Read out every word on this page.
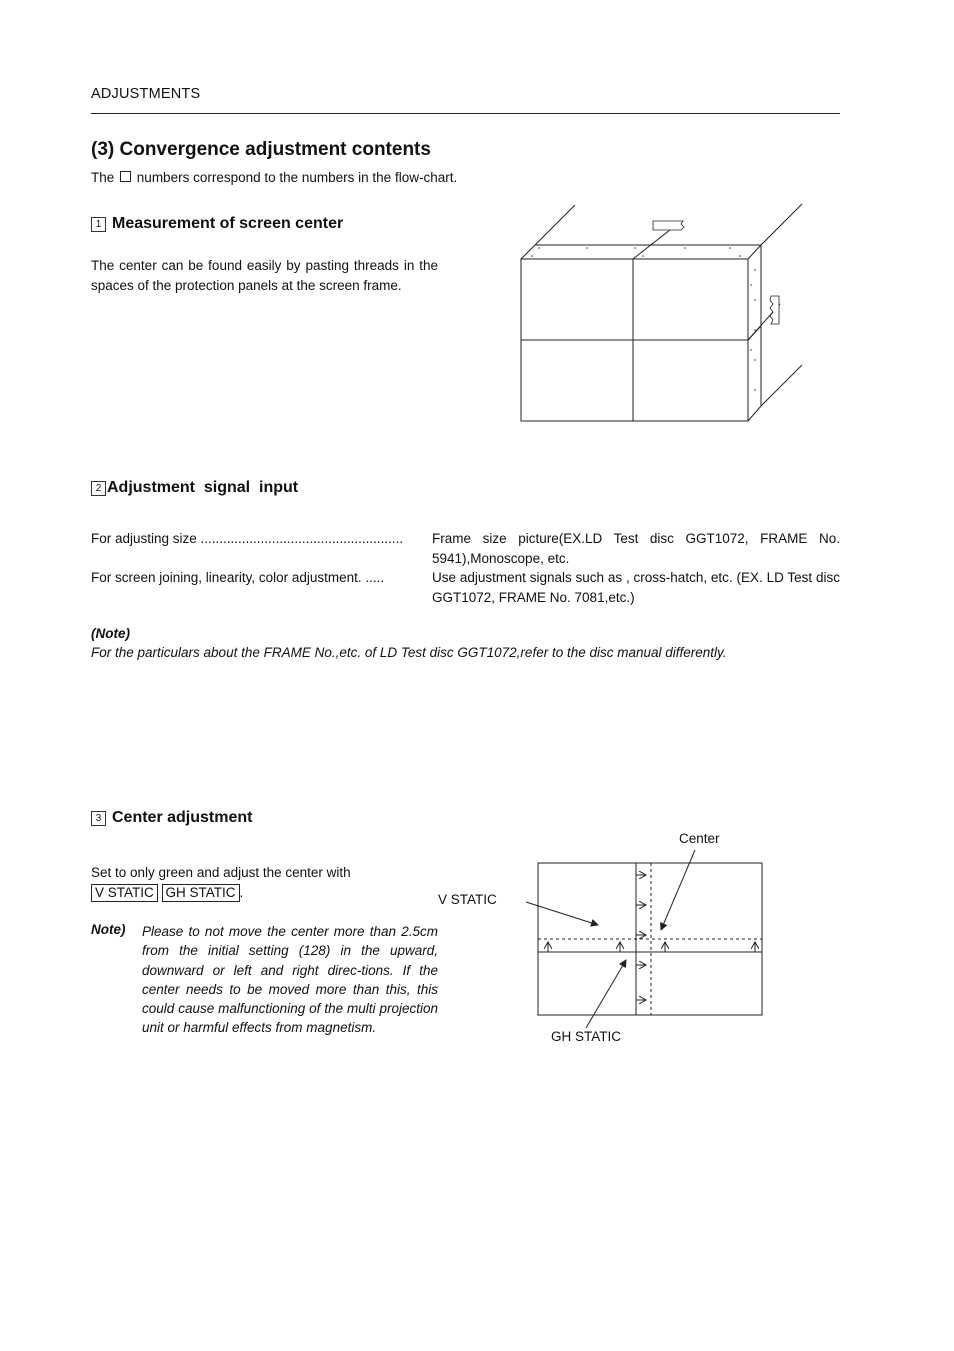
ADJUSTMENTS
(3) Convergence adjustment contents
The numbers correspond to the numbers in the flow-chart.
1 Measurement of screen center
The center can be found easily by pasting threads in the spaces of the protection panels at the screen frame.
2 Adjustment  signal  input
For adjusting size ......................................................	Frame size picture(EX.LD Test disc GGT1072, FRAME No. 5941),Monoscope, etc.
For screen joining, linearity, color adjustment. .....	Use adjustment signals such as , cross-hatch, etc. (EX. LD Test disc GGT1072, FRAME No. 7081,etc.)
(Note)
For the particulars about the FRAME No.,etc. of LD Test disc GGT1072,refer to the disc manual differently.
3 Center adjustment
Set to only green and adjust the center with
V STATIC GH STATIC .
Note) Please to not move the center more than 2.5cm from the initial setting (128) in the upward, downward or left and right direc-tions. If the center needs to be moved more than this, this could cause malfunctioning of the multi projection unit or harmful effects from magnetism.
Center
V STATIC
GH STATIC
